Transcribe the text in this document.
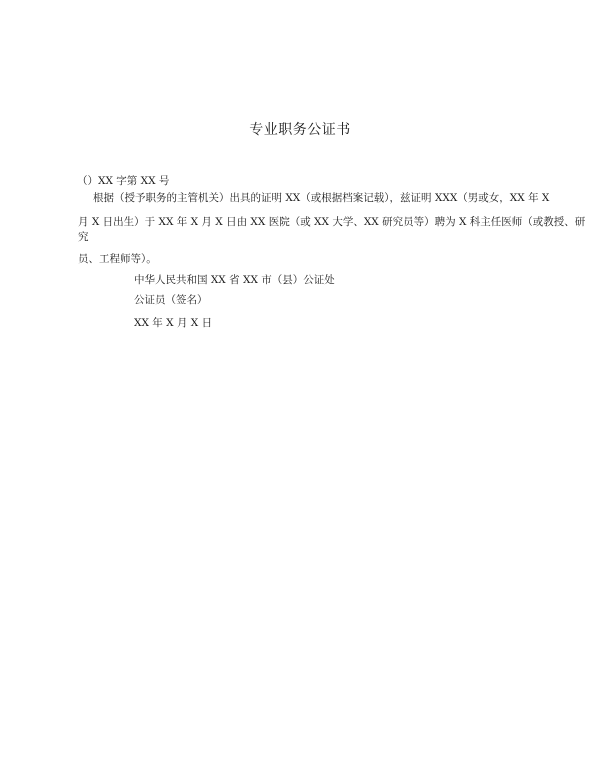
专业职务公证书
（）XX 字第 XX 号
根据（授予职务的主管机关）出具的证明 XX（或根据档案记载），兹证明 XXX（男或女，XX 年 X
月 X 日出生）于 XX 年 X 月 X 日由 XX 医院（或 XX 大学、XX 研究员等）聘为 X 科主任医师（或教授、研
究
员、工程师等）。
中华人民共和国 XX 省 XX 市（县）公证处
公证员（签名）
XX 年 X 月 X 日
